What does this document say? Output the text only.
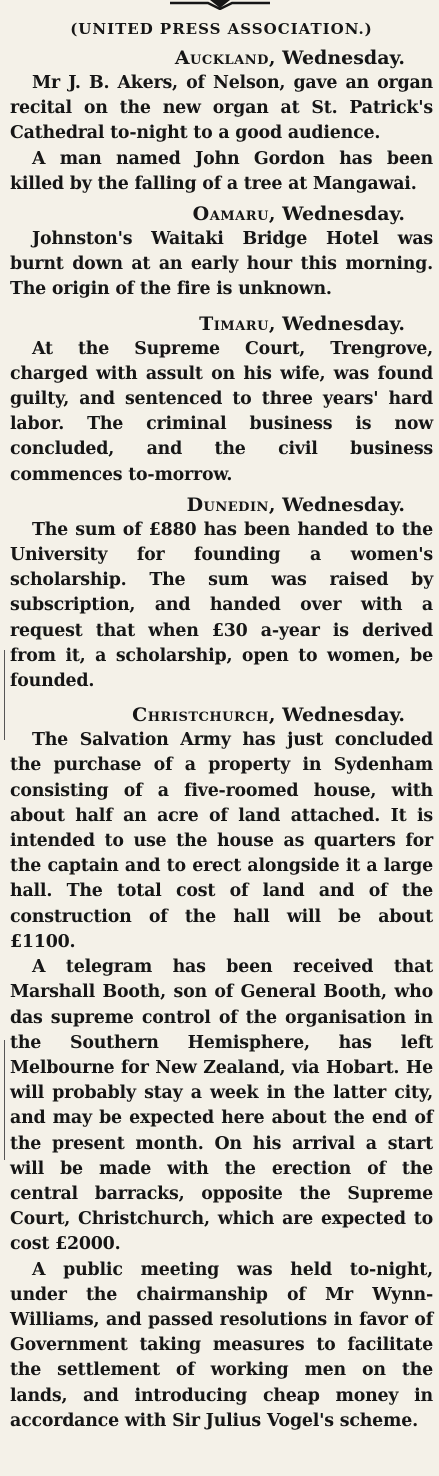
(UNITED PRESS ASSOCIATION.)
Auckland, Wednesday.

Mr J. B. Akers, of Nelson, gave an organ recital on the new organ at St. Patrick's Cathedral to-night to a good audience.

A man named John Gordon has been killed by the falling of a tree at Mangawai.

Oamaru, Wednesday.

Johnston's Waitaki Bridge Hotel was burnt down at an early hour this morning. The origin of the fire is unknown.

Timaru, Wednesday.

At the Supreme Court, Trengrove, charged with assult on his wife, was found guilty, and sentenced to three years' hard labor. The criminal business is now concluded, and the civil business commences to-morrow.

Dunedin, Wednesday.

The sum of £880 has been handed to the University for founding a women's scholarship. The sum was raised by subscription, and handed over with a request that when £30 a-year is derived from it, a scholarship, open to women, be founded.

Christchurch, Wednesday.

The Salvation Army has just concluded the purchase of a property in Sydenham consisting of a five-roomed house, with about half an acre of land attached. It is intended to use the house as quarters for the captain and to erect alongside it a large hall. The total cost of land and of the construction of the hall will be about £1100.

A telegram has been received that Marshall Booth, son of General Booth, who das supreme control of the organisation in the Southern Hemisphere, has left Melbourne for New Zealand, via Hobart. He will probably stay a week in the latter city, and may be expected here about the end of the present month. On his arrival a start will be made with the erection of the central barracks, opposite the Supreme Court, Christchurch, which are expected to cost £2000.

A public meeting was held to-night, under the chairmanship of Mr Wynn-Williams, and passed resolutions in favor of Government taking measures to facilitate the settlement of working men on the lands, and introducing cheap money in accordance with Sir Julius Vogel's scheme.
